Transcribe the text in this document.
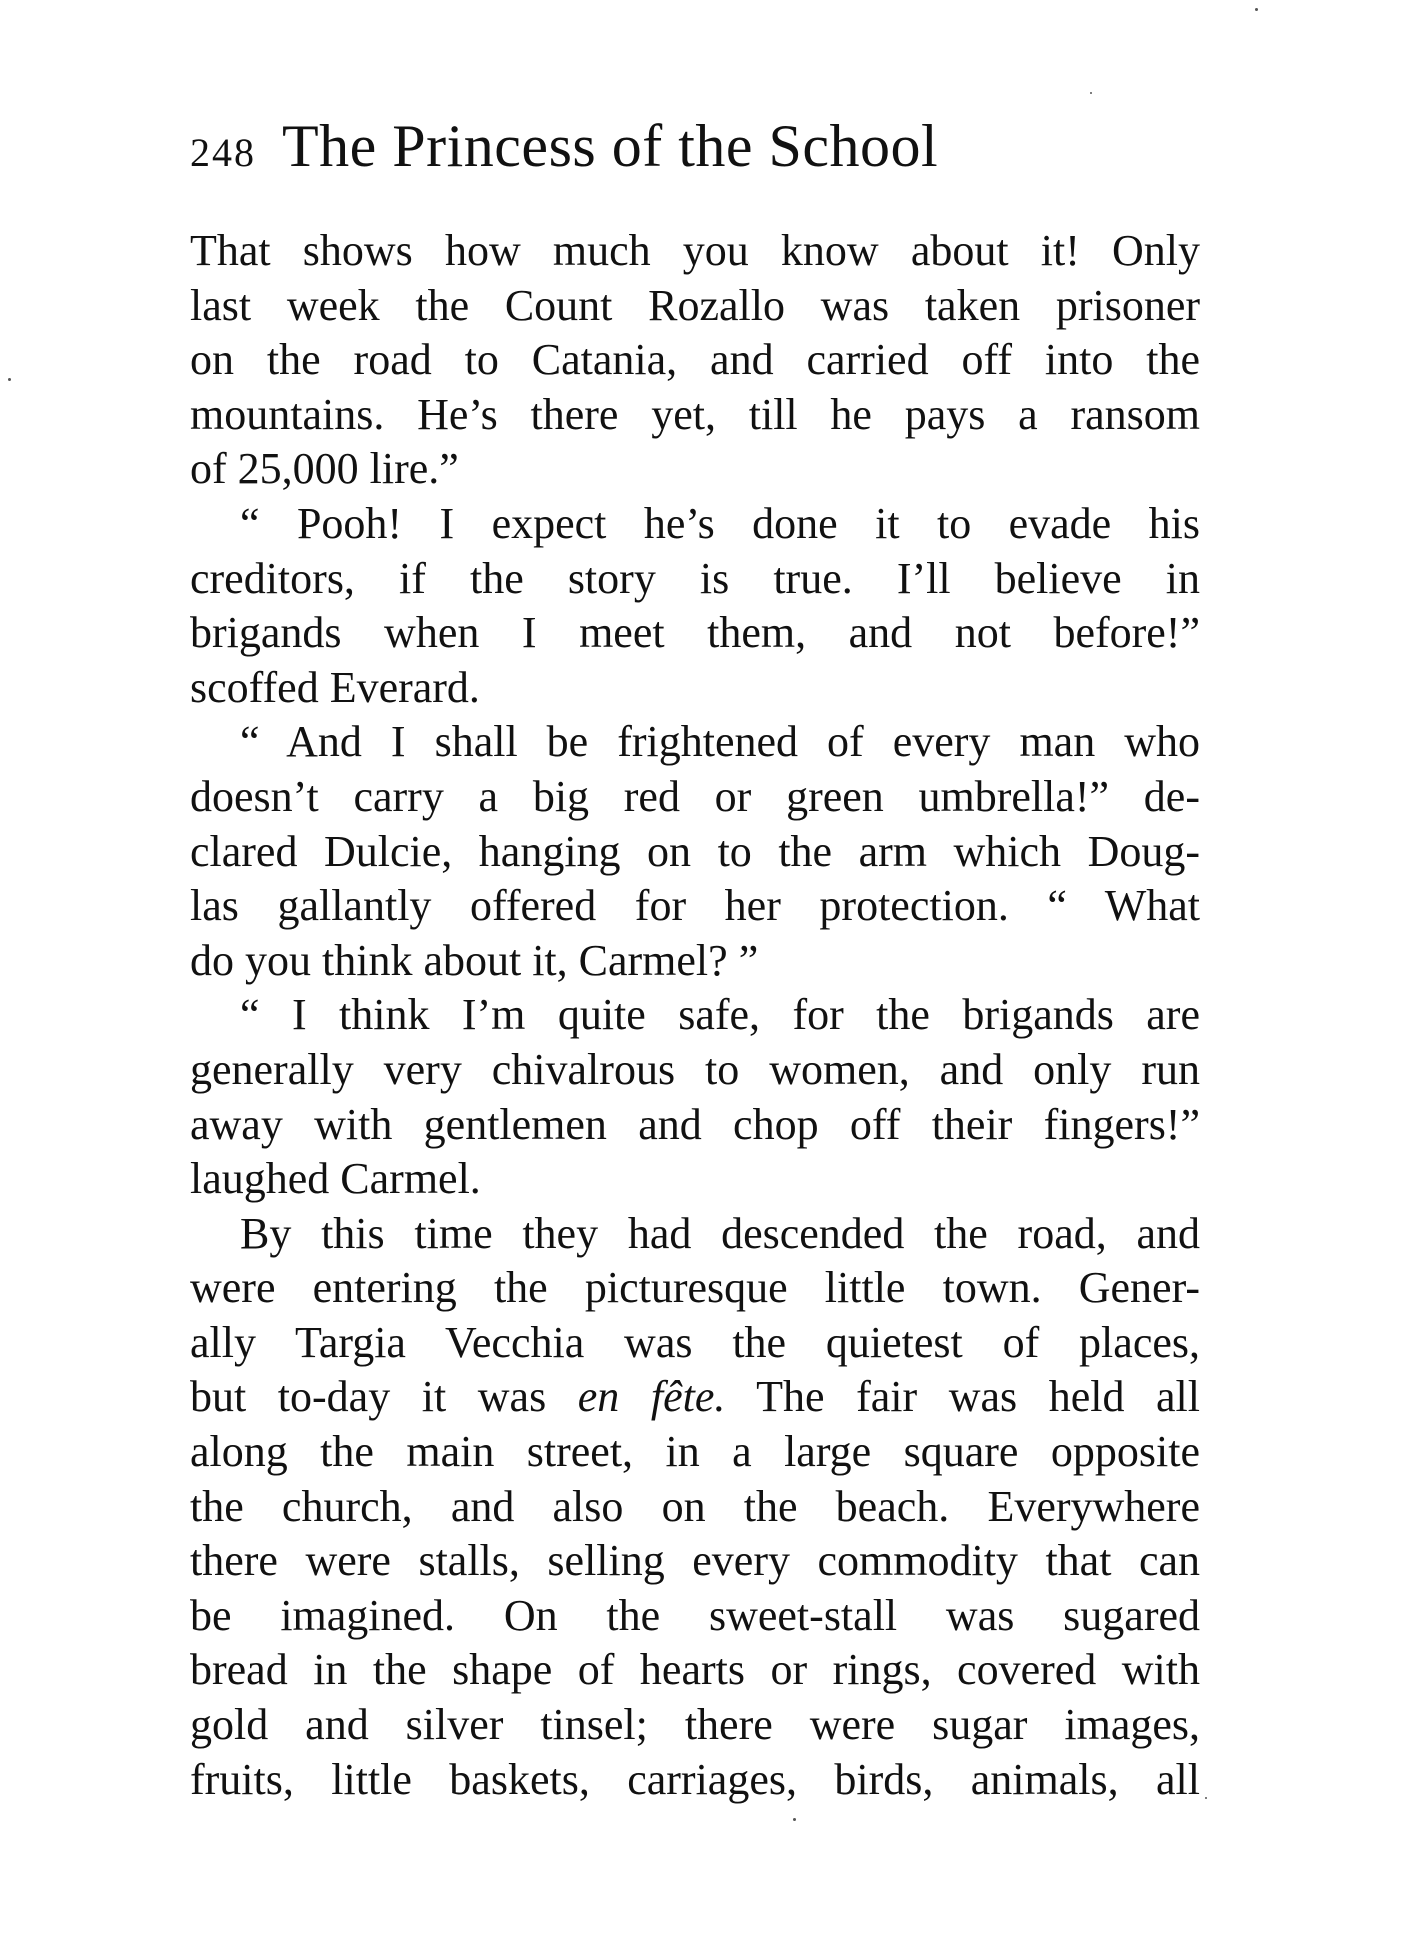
248 The Princess of the School
That shows how much you know about it! Only
last week the Count Rozallo was taken prisoner
on the road to Catania, and carried off into the
mountains. He’s there yet, till he pays a ransom
of 25,000 lire.”
“ Pooh! I expect he’s done it to evade his
creditors, if the story is true. I’ll believe in
brigands when I meet them, and not before!”
scoffed Everard.
“ And I shall be frightened of every man who
doesn’t carry a big red or green umbrella!” de-
clared Dulcie, hanging on to the arm which Doug-
las gallantly offered for her protection. “ What
do you think about it, Carmel? ”
“ I think I’m quite safe, for the brigands are
generally very chivalrous to women, and only run
away with gentlemen and chop off their fingers!”
laughed Carmel.
By this time they had descended the road, and
were entering the picturesque little town. Gener-
ally Targia Vecchia was the quietest of places,
but to-day it was en fête. The fair was held all
along the main street, in a large square opposite
the church, and also on the beach. Everywhere
there were stalls, selling every commodity that can
be imagined. On the sweet-stall was sugared
bread in the shape of hearts or rings, covered with
gold and silver tinsel; there were sugar images,
fruits, little baskets, carriages, birds, animals, all
